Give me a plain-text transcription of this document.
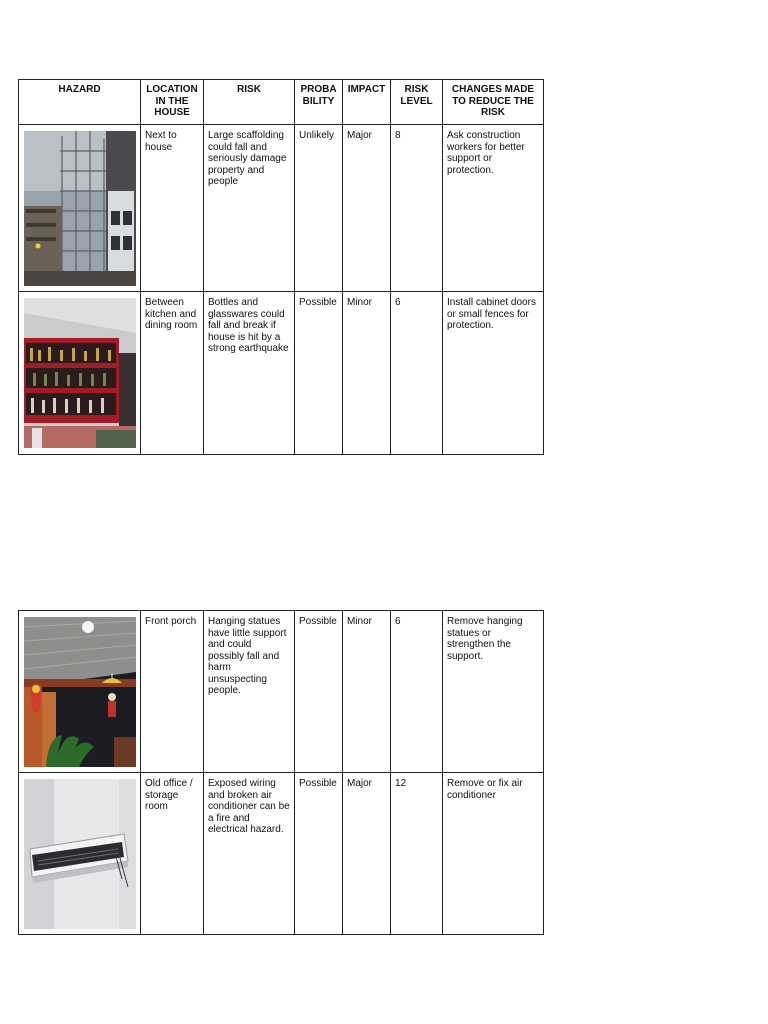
HAZARD	LOCATION IN THE HOUSE	RISK	PROBA BILITY	IMPACT	RISK LEVEL	CHANGES MADE TO REDUCE THE RISK

	Next to house	Large scaffolding could fall and seriously damage property and people	Unlikely	Major	8	Ask construction workers for better support or protection.

	Between kitchen and dining room	Bottles and glasswares could fall and break if house is hit by a strong earthquake	Possible	Minor	6	Install cabinet doors or small fences for protection.
	Front porch	Hanging statues have little support and could possibly fall and harm unsuspecting people.	Possible	Minor	6	Remove hanging statues or strengthen the support.

	Old office / storage room	Exposed wiring and broken air conditioner can be a fire and electrical hazard.	Possible	Major	12	Remove or fix air conditioner
